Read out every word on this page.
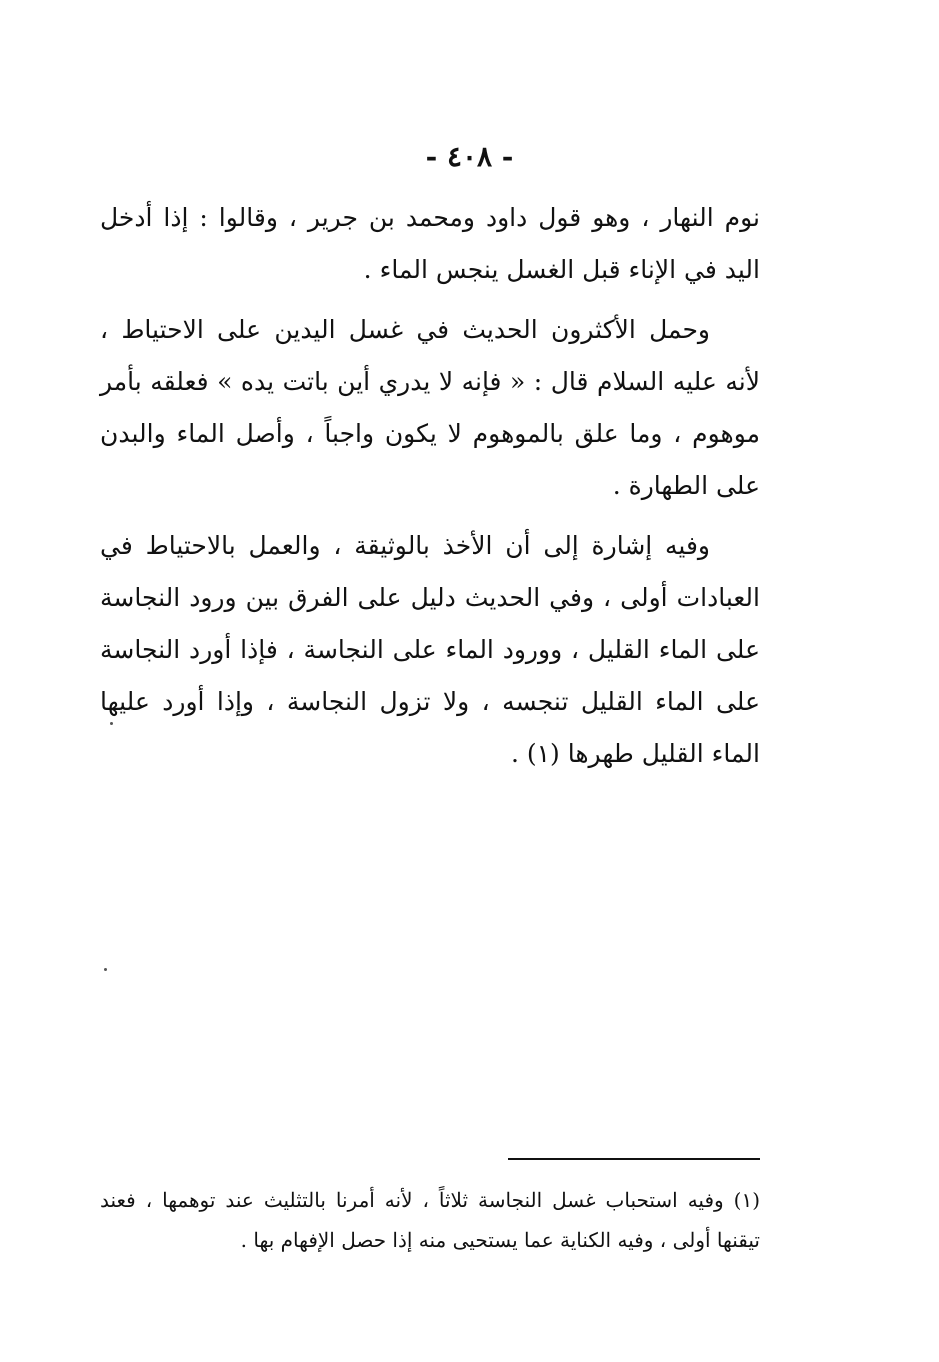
- ٤٠٨ -

نوم النهار ، وهو قول داود ومحمد بن جرير ، وقالوا : إذا أدخل اليد في الإناء قبل الغسل ينجس الماء .

وحمل الأكثرون الحديث في غسل اليدين على الاحتياط ، لأنه عليه السلام قال : « فإنه لا يدري أين باتت يده » فعلقه بأمر موهوم ، وما علق بالموهوم لا يكون واجباً ، وأصل الماء والبدن على الطهارة .

وفيه إشارة إلى أن الأخذ بالوثيقة ، والعمل بالاحتياط في العبادات أولى ، وفي الحديث دليل على الفرق بين ورود النجاسة على الماء القليل ، وورود الماء على النجاسة ، فإذا أورد النجاسة على الماء القليل تنجسه ، ولا تزول النجاسة ، وإذا أورد عليها الماء القليل طهرها (١) .

(١) وفيه استحباب غسل النجاسة ثلاثاً ، لأنه أمرنا بالتثليث عند توهمها ، فعند تيقنها أولى ، وفيه الكناية عما يستحيى منه إذا حصل الإفهام بها .
